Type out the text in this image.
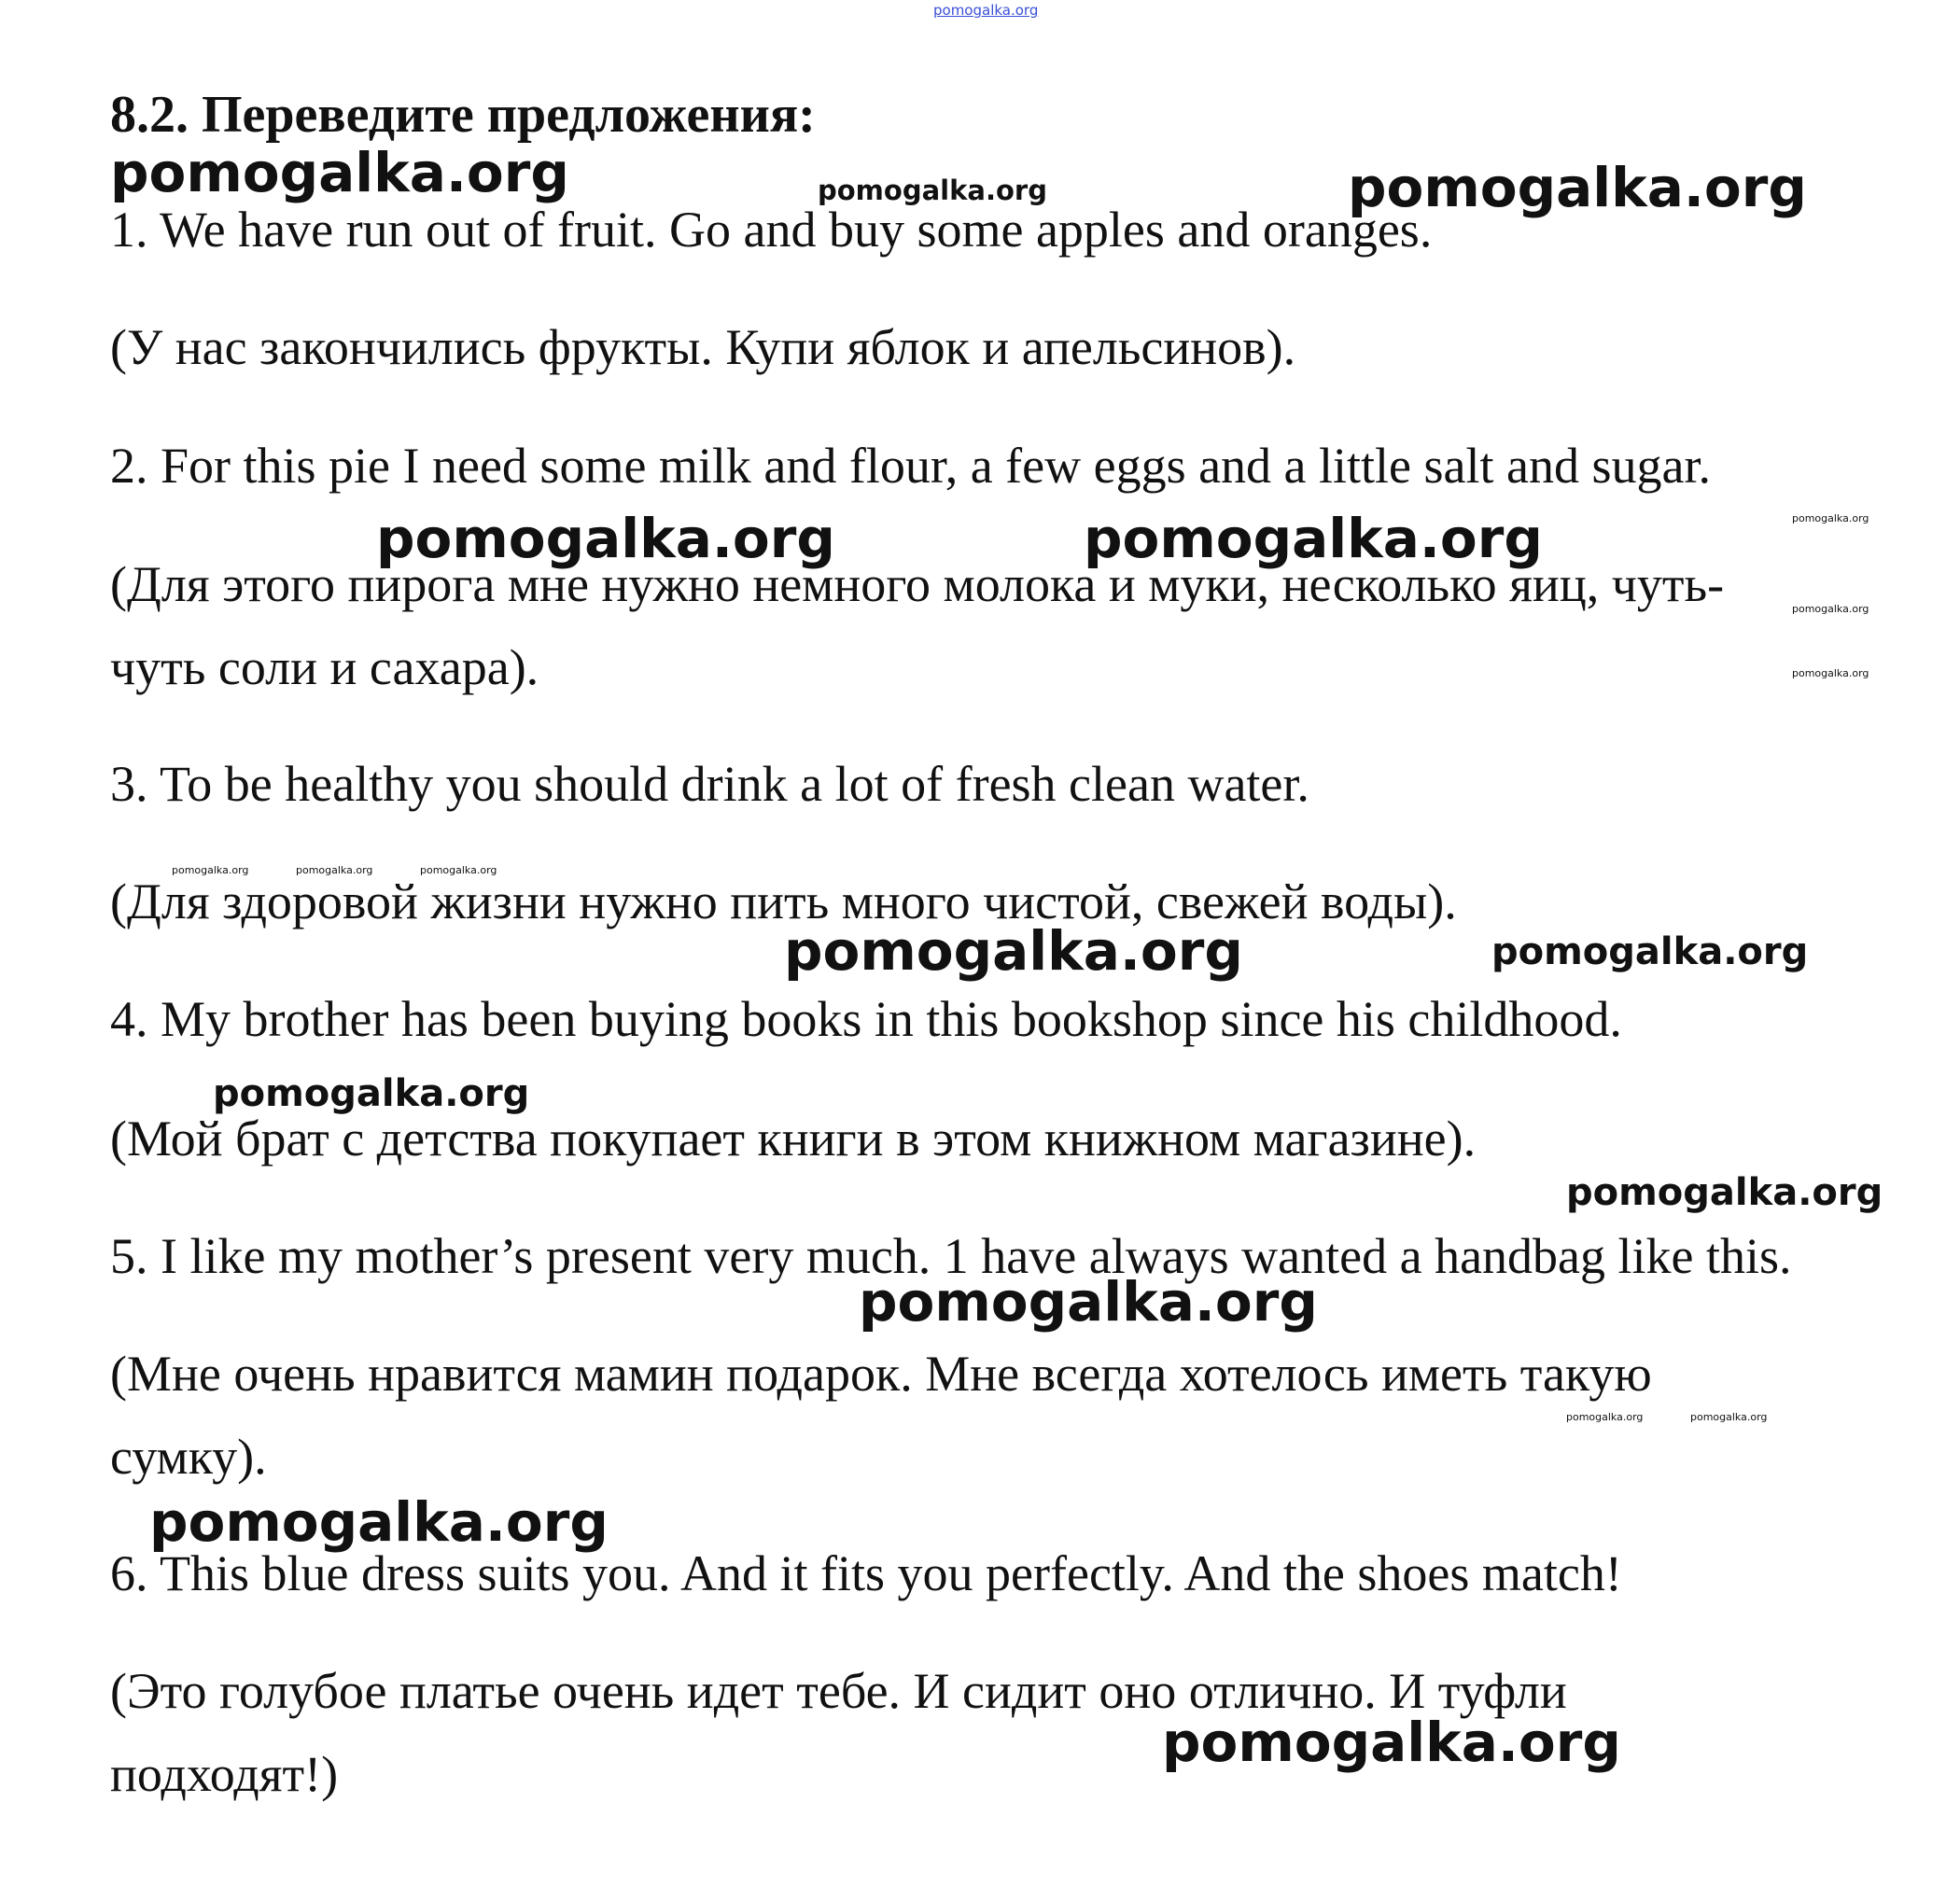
pomogalka.org
8.2. Переведите предложения:
1. We have run out of fruit. Go and buy some apples and oranges.
(У нас закончились фрукты. Купи яблок и апельсинов).
2. For this pie I need some milk and flour, a few eggs and a little salt and sugar.
(Для этого пирога мне нужно немного молока и муки, несколько яиц, чуть-
чуть соли и сахара).
3. To be healthy you should drink a lot of fresh clean water.
(Для здоровой жизни нужно пить много чистой, свежей воды).
4. My brother has been buying books in this bookshop since his childhood.
(Мой брат с детства покупает книги в этом книжном магазине).
5. I like my mother’s present very much. 1 have always wanted a handbag like this.
(Мне очень нравится мамин подарок. Мне всегда хотелось иметь такую
сумку).
6. This blue dress suits you. And it fits you perfectly. And the shoes match!
(Это голубое платье очень идет тебе. И сидит оно отлично. И туфли
подходят!)
pomogalka.org	pomogalka.org	pomogalka.org
pomogalka.org
pomogalka.org	pomogalka.org
pomogalka.org
pomogalka.org
pomogalka.org	pomogalka.org	pomogalka.org
pomogalka.org	pomogalka.org
pomogalka.org
pomogalka.org
pomogalka.org
pomogalka.org	pomogalka.org
pomogalka.org
pomogalka.org
